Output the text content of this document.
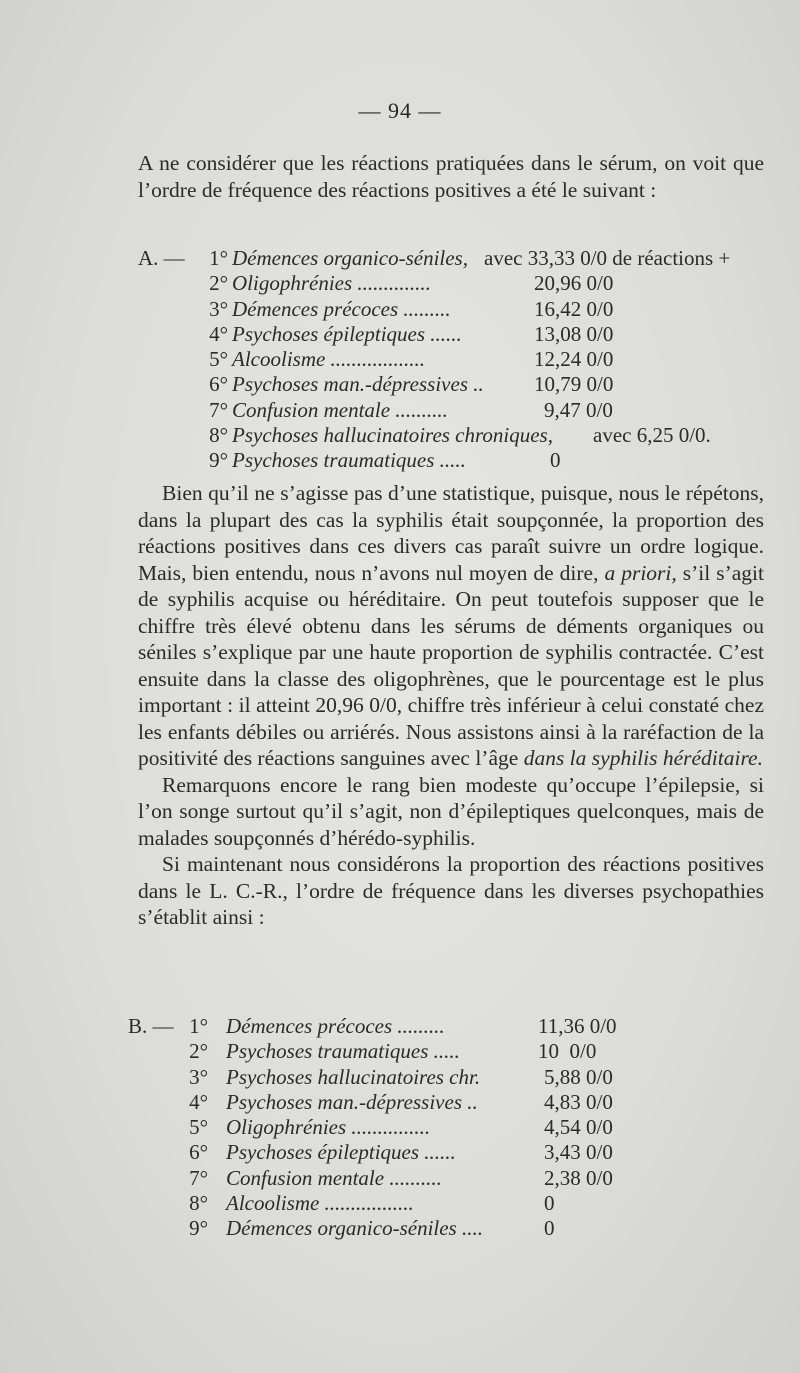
— 94 —
A ne considérer que les réactions pratiquées dans le sérum, on voit que l’ordre de fréquence des réactions positives a été le suivant :
A. —	1° Démences organico-séniles, avec 33,33 0/0 de réactions +
2° Oligophrénies ..............	20,96 0/0
3° Démences précoces .........	16,42 0/0
4° Psychoses épileptiques ......	13,08 0/0
5° Alcoolisme ..................	12,24 0/0
6° Psychoses man.-dépressives .. 10,79 0/0
7° Confusion mentale ..........	9,47 0/0
8° Psychoses hallucinatoires chroniques, avec 6,25 0/0.
9° Psychoses traumatiques .....	0

Bien qu’il ne s’agisse pas d’une statistique, puisque, nous le répétons, dans la plupart des cas la syphilis était soupçonnée, la proportion des réactions positives dans ces divers cas paraît suivre un ordre logique. Mais, bien entendu, nous n’avons nul moyen de dire, a priori, s’il s’agit de syphilis acquise ou héréditaire. On peut toutefois supposer que le chiffre très élevé obtenu dans les sérums de déments organiques ou séniles s’explique par une haute proportion de syphilis contractée. C’est ensuite dans la classe des oligophrènes, que le pourcentage est le plus important : il atteint 20,96 0/0, chiffre très inférieur à celui constaté chez les enfants débiles ou arriérés. Nous assistons ainsi à la raréfaction de la positivité des réactions sanguines avec l’âge dans la syphilis héréditaire.

Remarquons encore le rang bien modeste qu’occupe l’épilepsie, si l’on songe surtout qu’il s’agit, non d’épileptiques quelconques, mais de malades soupçonnés d’hérédo-syphilis.

Si maintenant nous considérons la proportion des réactions positives dans le L. C.-R., l’ordre de fréquence dans les diverses psychopathies s’établit ainsi :

B. — 1° Démences précoces .........	11,36 0/0
2° Psychoses traumatiques .....	10  0/0
3° Psychoses hallucinatoires chr.	5,88 0/0
4° Psychoses man.-dépressives ..	4,83 0/0
5° Oligophrénies ...............	4,54 0/0
6° Psychoses épileptiques ......	3,43 0/0
7° Confusion mentale ..........	2,38 0/0
8° Alcoolisme .................	0
9° Démences organico-séniles ....	0
